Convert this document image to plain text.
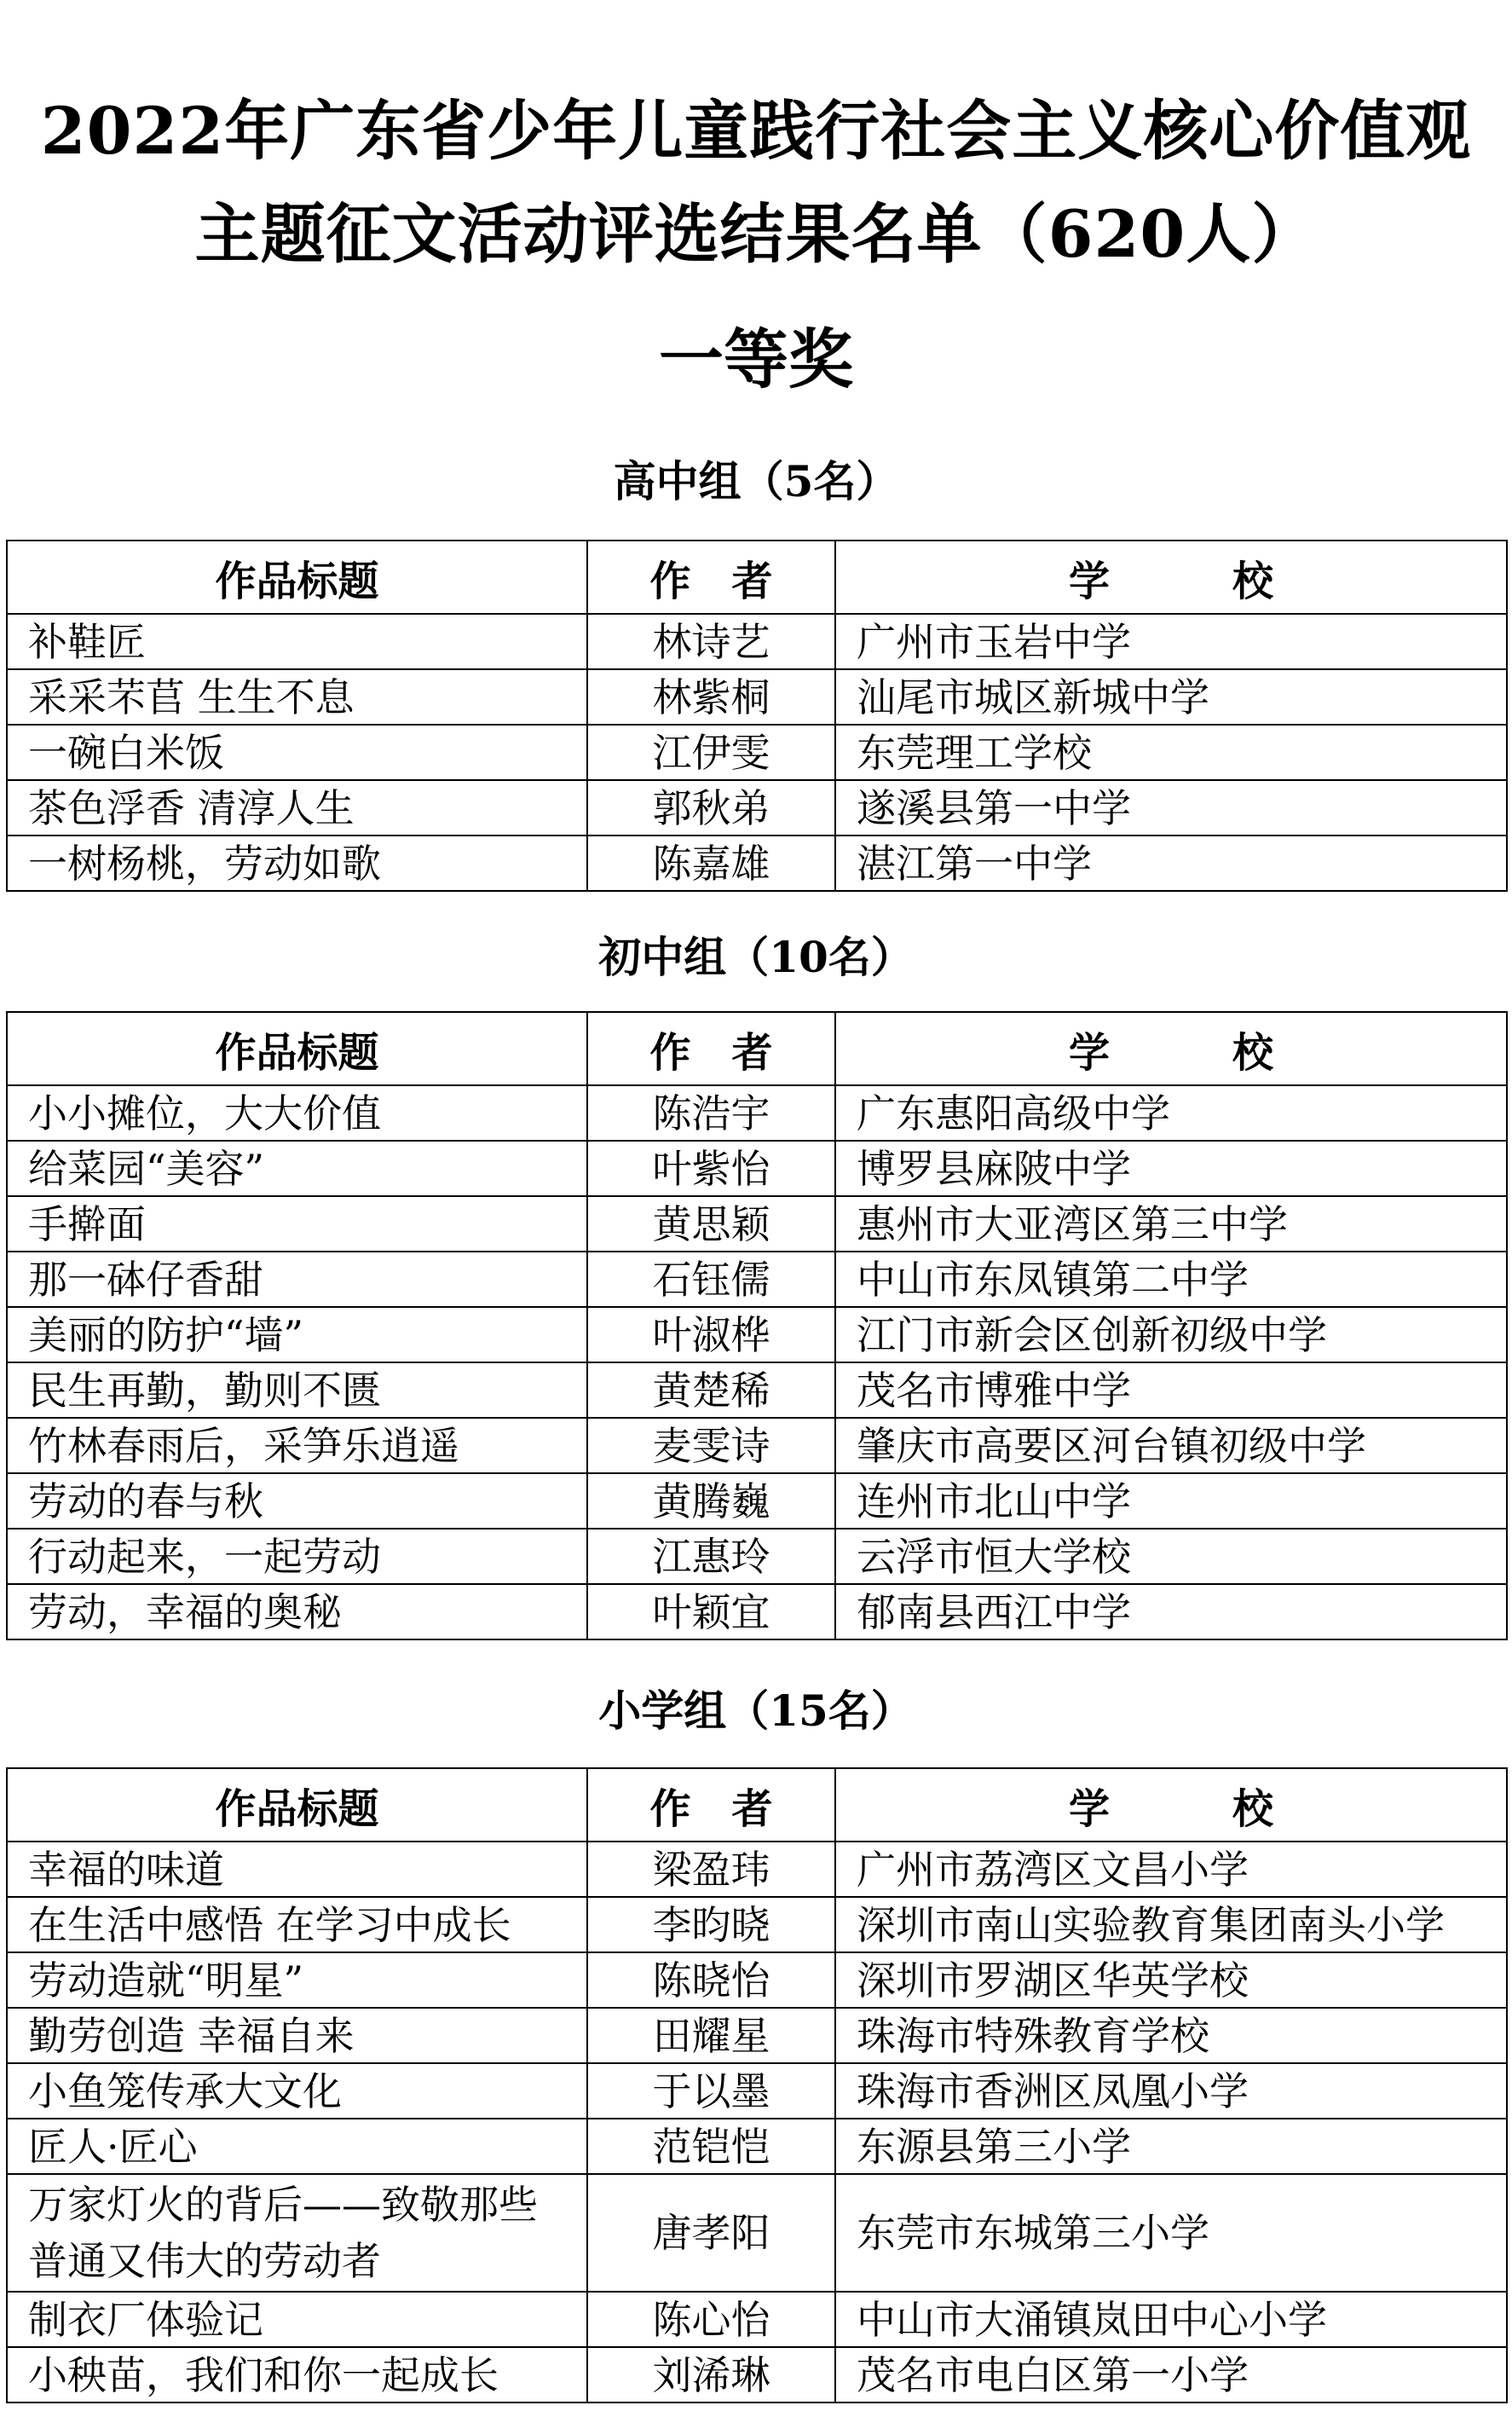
2022年广东省少年儿童践行社会主义核心价值观
主题征文活动评选结果名单（620人）
一等奖
高中组（5名）
作品标题	作　者	学　　　校
补鞋匠	林诗艺	广州市玉岩中学
采采芣苢 生生不息	林紫桐	汕尾市城区新城中学
一碗白米饭	江伊雯	东莞理工学校
茶色浮香 清淳人生	郭秋弟	遂溪县第一中学
一树杨桃，劳动如歌	陈嘉雄	湛江第一中学
初中组（10名）
作品标题	作　者	学　　　校
小小摊位，大大价值	陈浩宇	广东惠阳高级中学
给菜园“美容”	叶紫怡	博罗县麻陂中学
手擀面	黄思颖	惠州市大亚湾区第三中学
那一砵仔香甜	石钰儒	中山市东凤镇第二中学
美丽的防护“墙”	叶淑桦	江门市新会区创新初级中学
民生再勤，勤则不匮	黄楚稀	茂名市博雅中学
竹林春雨后，采笋乐逍遥	麦雯诗	肇庆市高要区河台镇初级中学
劳动的春与秋	黄腾巍	连州市北山中学
行动起来，一起劳动	江惠玲	云浮市恒大学校
劳动，幸福的奥秘	叶颖宜	郁南县西江中学
小学组（15名）
作品标题	作　者	学　　　校
幸福的味道	梁盈玮	广州市荔湾区文昌小学
在生活中感悟 在学习中成长	李昀晓	深圳市南山实验教育集团南头小学
劳动造就“明星”	陈晓怡	深圳市罗湖区华英学校
勤劳创造 幸福自来	田耀星	珠海市特殊教育学校
小鱼笼传承大文化	于以墨	珠海市香洲区凤凰小学
匠人·匠心	范铠恺	东源县第三小学
万家灯火的背后——致敬那些普通又伟大的劳动者	唐孝阳	东莞市东城第三小学
制衣厂体验记	陈心怡	中山市大涌镇岚田中心小学
小秧苗，我们和你一起成长	刘浠琳	茂名市电白区第一小学
